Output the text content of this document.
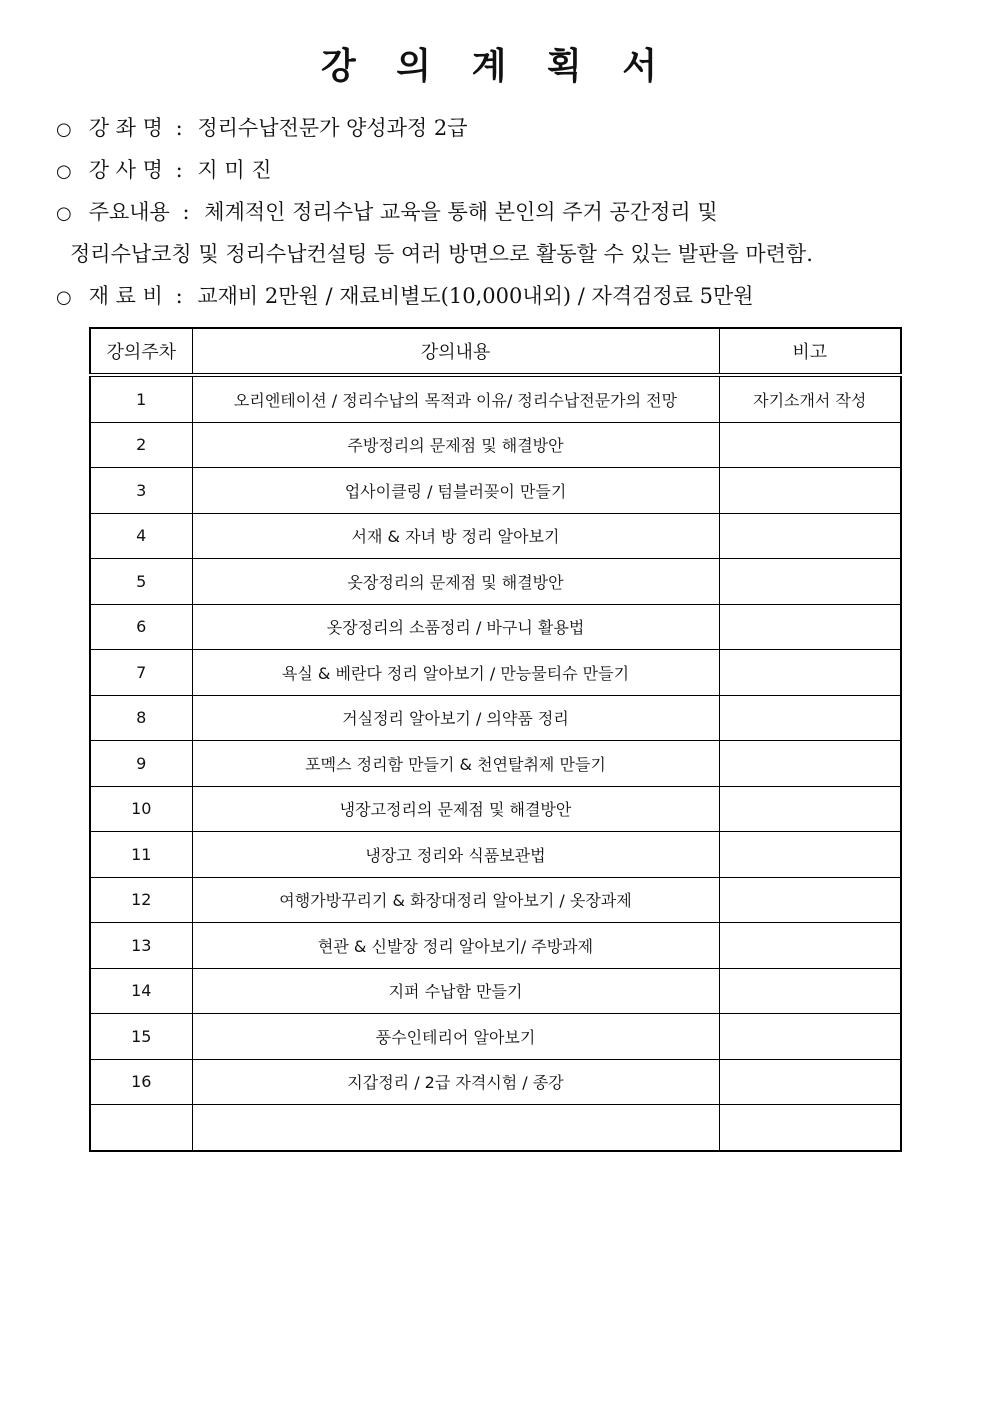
강 의 계 획 서
○ 강 좌 명 : 정리수납전문가 양성과정 2급
○ 강 사 명 : 지 미 진
○ 주요내용 : 체계적인 정리수납 교육을 통해 본인의 주거 공간정리 및
정리수납코칭 및 정리수납컨설팅 등 여러 방면으로 활동할 수 있는 발판을 마련함.
○ 재 료 비 : 교재비 2만원 / 재료비별도(10,000내외) / 자격검정료 5만원
강의주차	강의내용	비고
1	오리엔테이션 / 정리수납의 목적과 이유/ 정리수납전문가의 전망	자기소개서 작성
2	주방정리의 문제점 및 해결방안	
3	업사이클링 / 텀블러꽂이 만들기	
4	서재 & 자녀 방 정리 알아보기	
5	옷장정리의 문제점 및 해결방안	
6	옷장정리의 소품정리 / 바구니 활용법	
7	욕실 & 베란다 정리 알아보기 / 만능물티슈 만들기	
8	거실정리 알아보기 / 의약품 정리	
9	포멕스 정리함 만들기 & 천연탈취제 만들기	
10	냉장고정리의 문제점 및 해결방안	
11	냉장고 정리와 식품보관법	
12	여행가방꾸리기 & 화장대정리 알아보기 / 옷장과제	
13	현관 & 신발장 정리 알아보기/ 주방과제	
14	지퍼 수납함 만들기	
15	풍수인테리어 알아보기	
16	지갑정리 / 2급 자격시험 / 종강	
